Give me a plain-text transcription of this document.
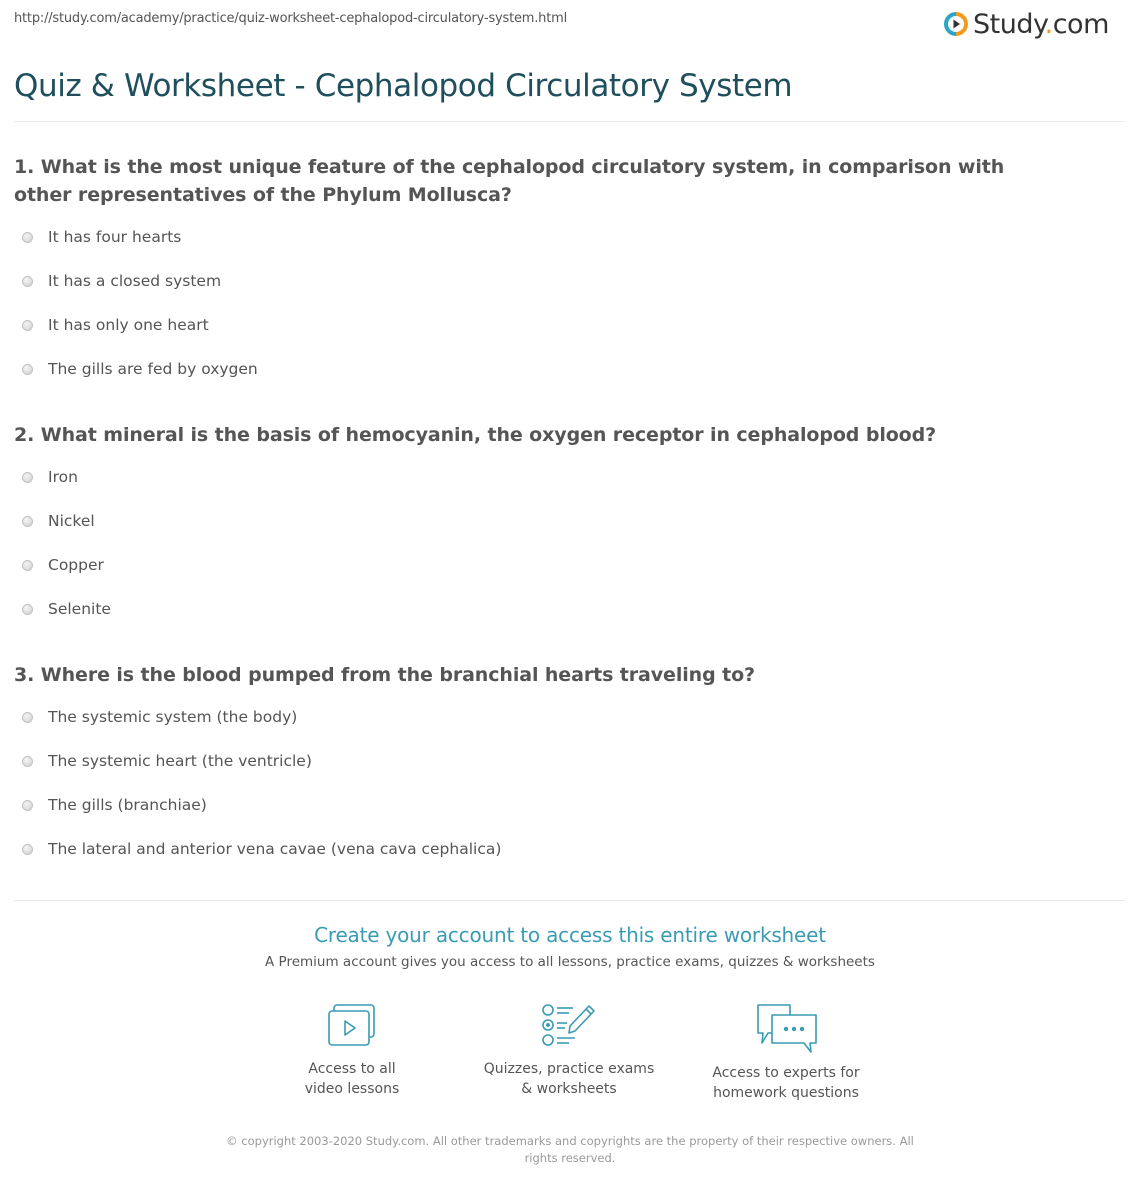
http://study.com/academy/practice/quiz-worksheet-cephalopod-circulatory-system.html	Study.com
Quiz & Worksheet - Cephalopod Circulatory System
1. What is the most unique feature of the cephalopod circulatory system, in comparison with other representatives of the Phylum Mollusca?
It has four hearts
It has a closed system
It has only one heart
The gills are fed by oxygen
2. What mineral is the basis of hemocyanin, the oxygen receptor in cephalopod blood?
Iron
Nickel
Copper
Selenite
3. Where is the blood pumped from the branchial hearts traveling to?
The systemic system (the body)
The systemic heart (the ventricle)
The gills (branchiae)
The lateral and anterior vena cavae (vena cava cephalica)
Create your account to access this entire worksheet
A Premium account gives you access to all lessons, practice exams, quizzes & worksheets
Access to all
video lessons
Quizzes, practice exams
& worksheets
Access to experts for
homework questions
© copyright 2003-2020 Study.com. All other trademarks and copyrights are the property of their respective owners. All rights reserved.
